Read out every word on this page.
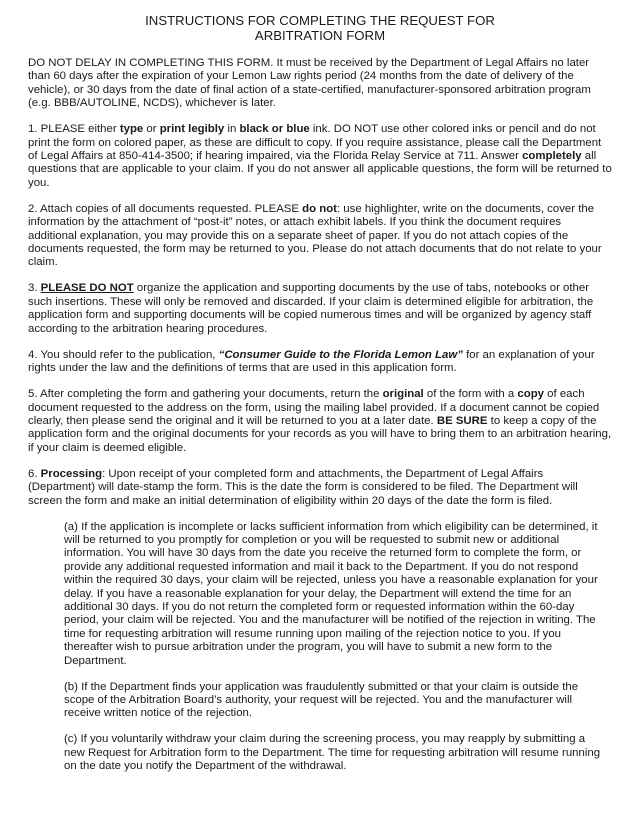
INSTRUCTIONS FOR COMPLETING THE REQUEST FOR
ARBITRATION FORM

DO NOT DELAY IN COMPLETING THIS FORM. It must be received by the Department of Legal Affairs no later than 60 days after the expiration of your Lemon Law rights period (24 months from the date of delivery of the vehicle), or 30 days from the date of final action of a state-certified, manufacturer-sponsored arbitration program (e.g. BBB/AUTOLINE, NCDS), whichever is later.

1. PLEASE either type or print legibly in black or blue ink. DO NOT use other colored inks or pencil and do not print the form on colored paper, as these are difficult to copy. If you require assistance, please call the Department of Legal Affairs at 850-414-3500; if hearing impaired, via the Florida Relay Service at 711. Answer completely all questions that are applicable to your claim. If you do not answer all applicable questions, the form will be returned to you.

2. Attach copies of all documents requested. PLEASE do not: use highlighter, write on the documents, cover the information by the attachment of “post-it” notes, or attach exhibit labels. If you think the document requires additional explanation, you may provide this on a separate sheet of paper. If you do not attach copies of the documents requested, the form may be returned to you. Please do not attach documents that do not relate to your claim.

3. PLEASE DO NOT organize the application and supporting documents by the use of tabs, notebooks or other such insertions. These will only be removed and discarded. If your claim is determined eligible for arbitration, the application form and supporting documents will be copied numerous times and will be organized by agency staff according to the arbitration hearing procedures.

4. You should refer to the publication, “Consumer Guide to the Florida Lemon Law” for an explanation of your rights under the law and the definitions of terms that are used in this application form.

5. After completing the form and gathering your documents, return the original of the form with a copy of each document requested to the address on the form, using the mailing label provided. If a document cannot be copied clearly, then please send the original and it will be returned to you at a later date. BE SURE to keep a copy of the application form and the original documents for your records as you will have to bring them to an arbitration hearing, if your claim is deemed eligible.

6. Processing: Upon receipt of your completed form and attachments, the Department of Legal Affairs (Department) will date-stamp the form. This is the date the form is considered to be filed. The Department will screen the form and make an initial determination of eligibility within 20 days of the date the form is filed.

(a) If the application is incomplete or lacks sufficient information from which eligibility can be determined, it will be returned to you promptly for completion or you will be requested to submit new or additional information. You will have 30 days from the date you receive the returned form to complete the form, or provide any additional requested information and mail it back to the Department. If you do not respond within the required 30 days, your claim will be rejected, unless you have a reasonable explanation for your delay. If you have a reasonable explanation for your delay, the Department will extend the time for an additional 30 days. If you do not return the completed form or requested information within the 60-day period, your claim will be rejected. You and the manufacturer will be notified of the rejection in writing. The time for requesting arbitration will resume running upon mailing of the rejection notice to you. If you thereafter wish to pursue arbitration under the program, you will have to submit a new form to the Department.

(b) If the Department finds your application was fraudulently submitted or that your claim is outside the scope of the Arbitration Board’s authority, your request will be rejected. You and the manufacturer will receive written notice of the rejection.

(c) If you voluntarily withdraw your claim during the screening process, you may reapply by submitting a new Request for Arbitration form to the Department. The time for requesting arbitration will resume running on the date you notify the Department of the withdrawal.
